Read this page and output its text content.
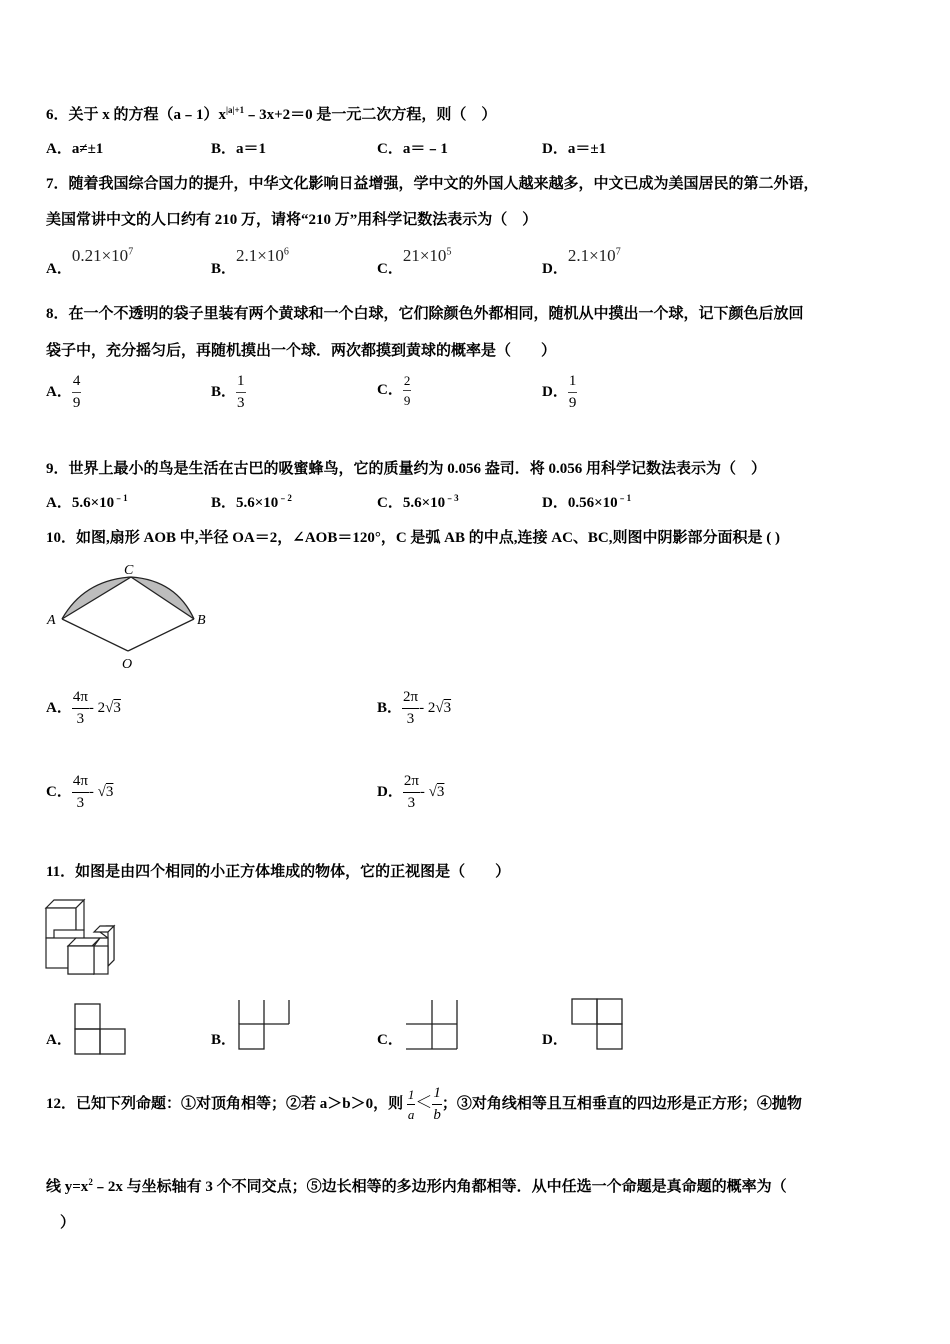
6．关于 x 的方程$(a﹣1)x^{|a|+1}﹣3x+2=0$ 是一元二次方程，则（　）
A．a≠±1	B．a＝1	C．a＝﹣1	D．a＝±1
7．随着我国综合国力的提升，中华文化影响日益增强，学中文的外国人越来越多，中文已成为美国居民的第二外语，
美国常讲中文的人口约有 210 万，请将“210 万”用科学记数法表示为（　）
A．$0.21\times 10^7$
B．$2.1\times 10^6$
C．$21\times 10^5$
D．$2.1\times 10^7$
8．在一个不透明的袋子里装有两个黄球和一个白球，它们除颜色外都相同，随机从中摸出一个球，记下颜色后放回
袋子中，充分摇匀后，再随机摸出一个球．两次都摸到黄球的概率是（　　）
A． $\frac{4}{9}$	B． $\frac{1}{3}$	C． $\frac{2}{9}$	D． $\frac{1}{9}$
9．世界上最小的鸟是生活在古巴的吸蜜蜂鸟，它的质量约为 0.056 盎司．将 0.056 用科学记数法表示为（　）
A．$5.6\times 10^{﹣1}$	B．$5.6\times 10^{﹣2}$	C．$5.6\times 10^{﹣3}$	D．$0.56\times 10^{﹣1}$
10．如图,扇形 AOB 中,半径 OA＝2，∠AOB＝120°，C 是弧 AB 的中点,连接 AC、BC,则图中阴影部分面积是 ( )
A	B
C
O
A． $\frac{4\pi}{3} - 2√3$	B． $\frac{2\pi}{3} - 2√3$
C． $\frac{4\pi}{3} - √3$	D． $\frac{2\pi}{3} - √3$
11．如图是由四个相同的小正方体堆成的物体，它的正视图是（　　）
A．	B．	C．	D．
12．已知下列命题：①对顶角相等；②若 a＞b＞0，则 $\frac{1}{a} < \frac{1}{b}$ ；③对角线相等且互相垂直的四边形是正方形；④抛物
线 $y=x^2﹣2x$ 与坐标轴有 3 个不同交点；⑤边长相等的多边形内角都相等．从中任选一个命题是真命题的概率为（
）
